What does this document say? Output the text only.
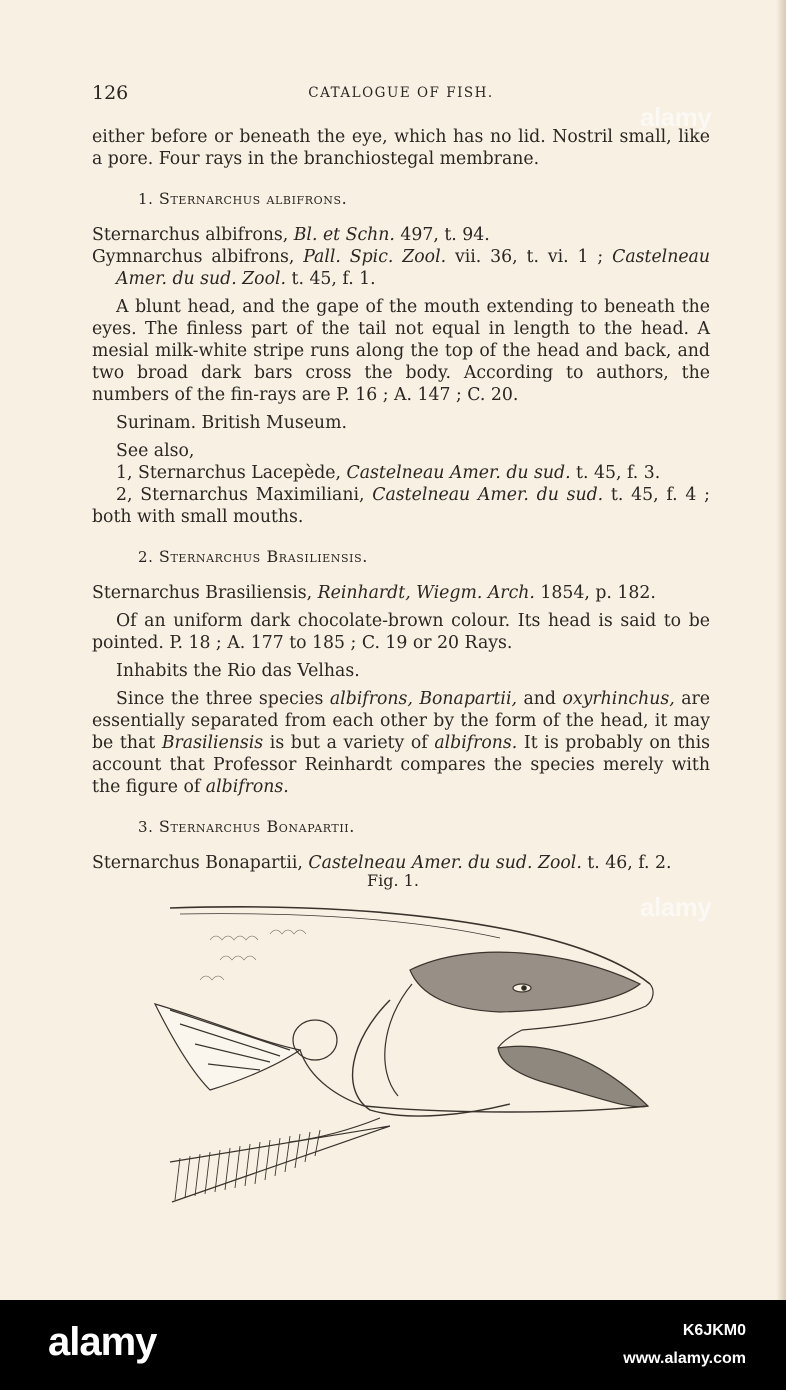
126	CATALOGUE OF FISH.

either before or beneath the eye, which has no lid. Nostril small, like a pore. Four rays in the branchiostegal membrane.

1. Sternarchus albifrons.

Sternarchus albifrons, Bl. et Schn. 497, t. 94.

Gymnarchus albifrons, Pall. Spic. Zool. vii. 36, t. vi. 1 ; Castelneau Amer. du sud. Zool. t. 45, f. 1.

A blunt head, and the gape of the mouth extending to beneath the eyes. The finless part of the tail not equal in length to the head. A mesial milk-white stripe runs along the top of the head and back, and two broad dark bars cross the body. According to authors, the numbers of the fin-rays are P. 16 ; A. 147 ; C. 20.

Surinam. British Museum.

See also,

1, Sternarchus Lacepède, Castelneau Amer. du sud. t. 45, f. 3.

2, Sternarchus Maximiliani, Castelneau Amer. du sud. t. 45, f. 4 ; both with small mouths.

2. Sternarchus Brasiliensis.

Sternarchus Brasiliensis, Reinhardt, Wiegm. Arch. 1854, p. 182.

Of an uniform dark chocolate-brown colour. Its head is said to be pointed. P. 18 ; A. 177 to 185 ; C. 19 or 20 Rays.

Inhabits the Rio das Velhas.

Since the three species albifrons, Bonapartii, and oxyrhinchus, are essentially separated from each other by the form of the head, it may be that Brasiliensis is but a variety of albifrons. It is probably on this account that Professor Reinhardt compares the species merely with the figure of albifrons.

3. Sternarchus Bonapartii.

Sternarchus Bonapartii, Castelneau Amer. du sud. Zool. t. 46, f. 2.

Fig. 1.
alamy
alamy
alamy	K6JKM0
www.alamy.com
